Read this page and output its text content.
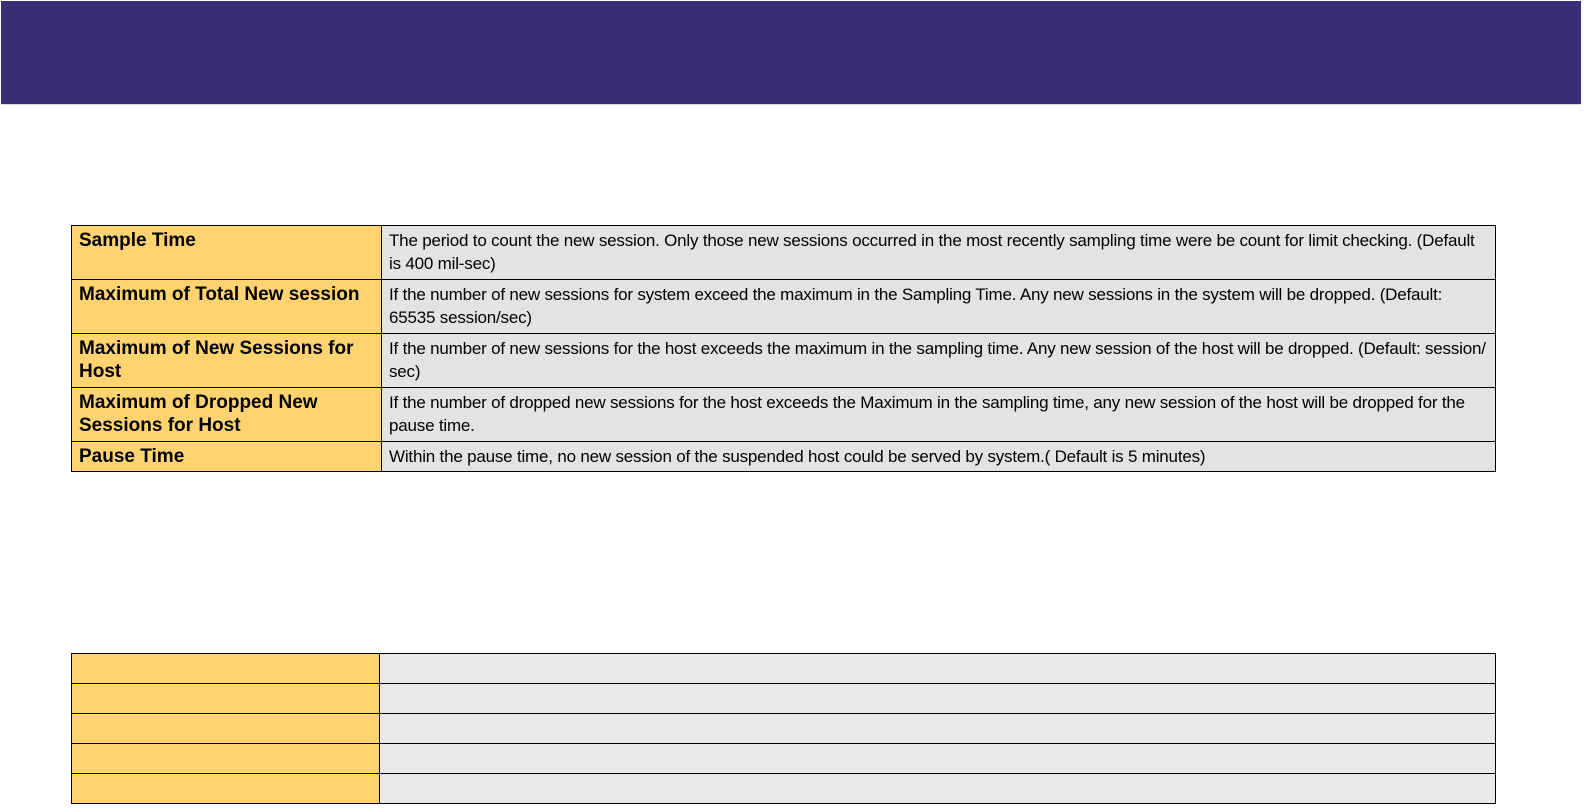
Sample Time	The period to count the new session. Only those new sessions occurred in the most recently sampling time were be count for limit checking. (Default is 400 mil-sec)
Maximum of Total New session	If the number of new sessions for system exceed the maximum in the Sampling Time. Any new sessions in the system will be dropped. (Default: 65535 session/sec)
Maximum of New Sessions for Host	If the number of new sessions for the host exceeds the maximum in the sampling time. Any new session of the host will be dropped. (Default: session/ sec)
Maximum of Dropped New Sessions for Host	If the number of dropped new sessions for the host exceeds the Maximum in the sampling time, any new session of the host will be dropped for the pause time.
Pause Time	Within the pause time, no new session of the suspended host could be served by system.( Default is 5 minutes)
